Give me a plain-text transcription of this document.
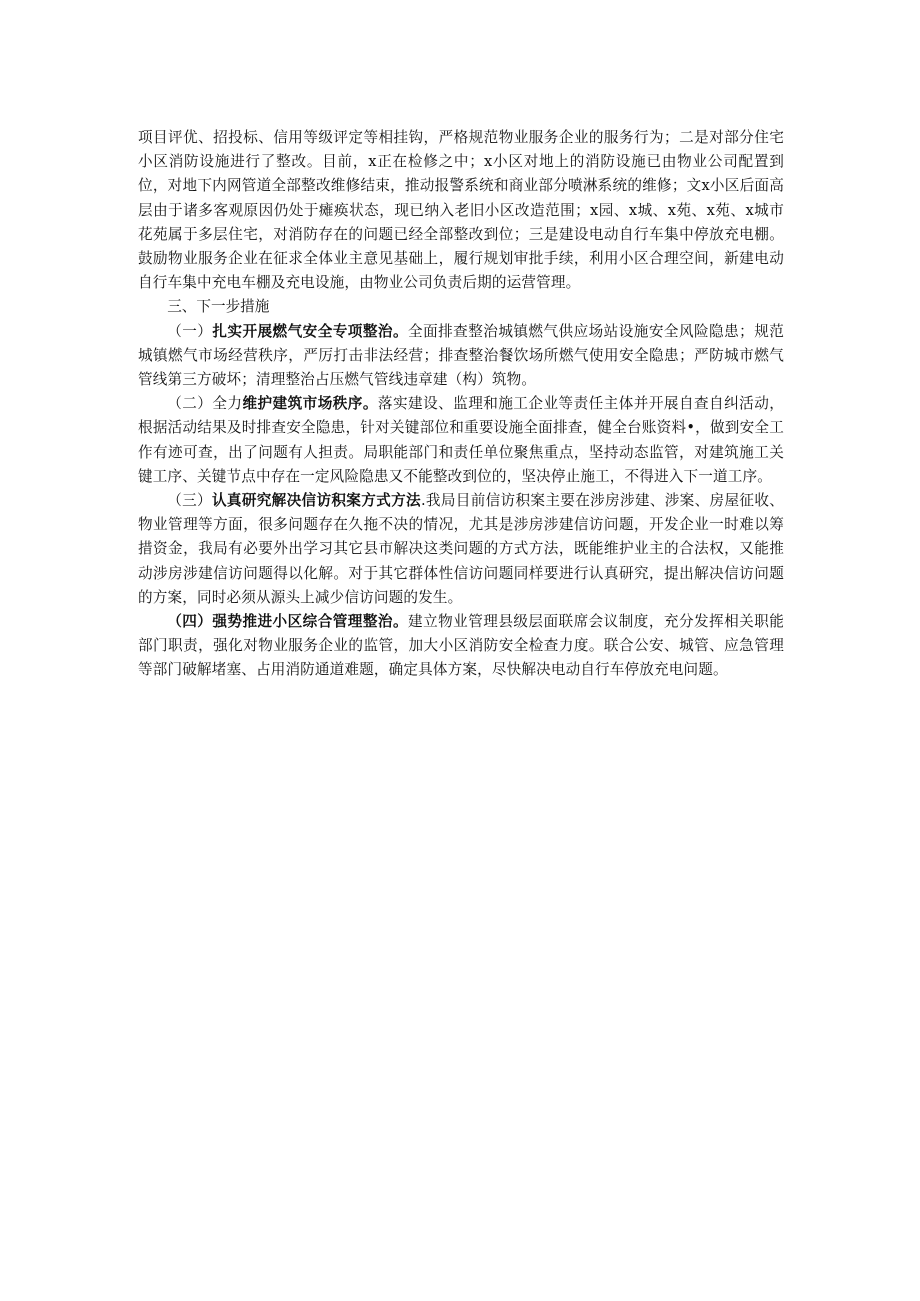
项目评优、招投标、信用等级评定等相挂钩，严格规范物业服务企业的服务行为；二是对部分住宅小区消防设施进行了整改。目前，x正在检修之中；x小区对地上的消防设施已由物业公司配置到位，对地下内网管道全部整改维修结束，推动报警系统和商业部分喷淋系统的维修；文x小区后面高层由于诸多客观原因仍处于瘫痪状态，现已纳入老旧小区改造范围；x园、x城、x苑、x苑、x城市花苑属于多层住宅，对消防存在的问题已经全部整改到位；三是建设电动自行车集中停放充电棚。鼓励物业服务企业在征求全体业主意见基础上，履行规划审批手续，利用小区合理空间，新建电动自行车集中充电车棚及充电设施，由物业公司负责后期的运营管理。

三、下一步措施

（一）扎实开展燃气安全专项整治。全面排查整治城镇燃气供应场站设施安全风险隐患；规范城镇燃气市场经营秩序，严厉打击非法经营；排查整治餐饮场所燃气使用安全隐患；严防城市燃气管线第三方破坏；清理整治占压燃气管线违章建（构）筑物。

（二）全力维护建筑市场秩序。落实建设、监理和施工企业等责任主体并开展自查自纠活动，根据活动结果及时排查安全隐患，针对关键部位和重要设施全面排查，健全台账资料•，做到安全工作有迹可查，出了问题有人担责。局职能部门和责任单位聚焦重点，坚持动态监管，对建筑施工关键工序、关键节点中存在一定风险隐患又不能整改到位的，坚决停止施工，不得进入下一道工序。

（三）认真研究解决信访积案方式方法.我局目前信访积案主要在涉房涉建、涉案、房屋征收、物业管理等方面，很多问题存在久拖不决的情况，尤其是涉房涉建信访问题，开发企业一时难以筹措资金，我局有必要外出学习其它县市解决这类问题的方式方法，既能维护业主的合法权，又能推动涉房涉建信访问题得以化解。对于其它群体性信访问题同样要进行认真研究，提出解决信访问题的方案，同时必须从源头上减少信访问题的发生。

（四）强势推进小区综合管理整治。建立物业管理县级层面联席会议制度，充分发挥相关职能部门职责，强化对物业服务企业的监管，加大小区消防安全检查力度。联合公安、城管、应急管理等部门破解堵塞、占用消防通道难题，确定具体方案，尽快解决电动自行车停放充电问题。
